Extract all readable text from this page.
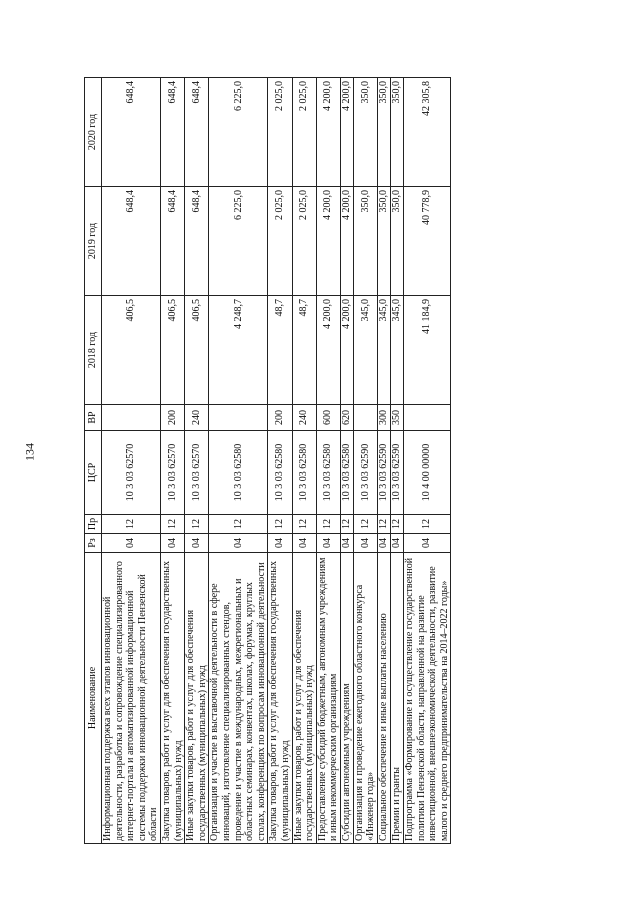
134
Наименование	Рз	Пр	ЦСР	ВР	2018 год	2019 год	2020 год
Информационная поддержка всех этапов инновационной деятельности, разработка и сопровождение специализированного интернет-портала и автоматизированной информационной системы поддержки инновационной деятельности Пензенской области	04	12	10 3 03 62570		406,5	648,4	648,4
Закупка товаров, работ и услуг для обеспечения государственных (муниципальных) нужд	04	12	10 3 03 62570	200	406,5	648,4	648,4
Иные закупки товаров, работ и услуг для обеспечения государственных (муниципальных) нужд	04	12	10 3 03 62570	240	406,5	648,4	648,4
Организация и участие в выставочной деятельности в сфере инноваций, изготовление специализированных стендов, проведение и участие в международных, межрегиональных и областных семинарах, конвентах, школах, форумах, круглых столах, конференциях по вопросам инновационной деятельности	04	12	10 3 03 62580		4 248,7	6 225,0	6 225,0
Закупка товаров, работ и услуг для обеспечения государственных (муниципальных) нужд	04	12	10 3 03 62580	200	48,7	2 025,0	2 025,0
Иные закупки товаров, работ и услуг для обеспечения государственных (муниципальных) нужд	04	12	10 3 03 62580	240	48,7	2 025,0	2 025,0
Предоставление субсидий бюджетным, автономным учреждениям и иным некоммерческим организациям	04	12	10 3 03 62580	600	4 200,0	4 200,0	4 200,0
Субсидии автономным учреждениям	04	12	10 3 03 62580	620	4 200,0	4 200,0	4 200,0
Организация и проведение ежегодного областного конкурса «Инженер года»	04	12	10 3 03 62590		345,0	350,0	350,0
Социальное обеспечение и иные выплаты населению	04	12	10 3 03 62590	300	345,0	350,0	350,0
Премии и гранты	04	12	10 3 03 62590	350	345,0	350,0	350,0
Подпрограмма «Формирование и осуществление государственной политики Пензенской области, направленной на развитие инвестиционной, внешнеэкономической деятельности, развитие малого и среднего предпринимательства на 2014–2022 годы»	04	12	10 4 00 00000		41 184,9	40 778,9	42 305,8
